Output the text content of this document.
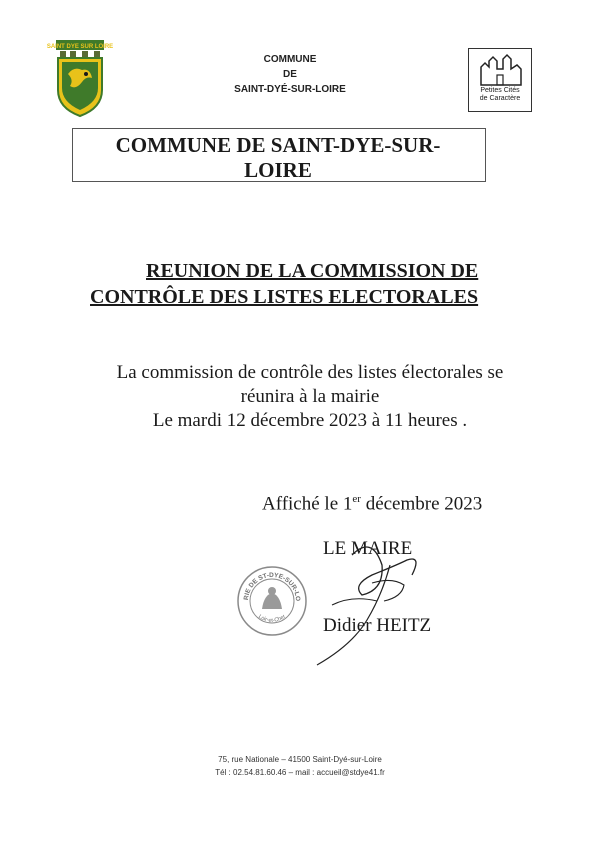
SAINT DYE SUR LOIRE
COMMUNE
DE
SAINT-DYÉ-SUR-LOIRE	Petites Cités
de Caractère
COMMUNE DE SAINT-DYE-SUR-
LOIRE
REUNION DE LA COMMISSION DE
CONTRÔLE DES LISTES ELECTORALES
La commission de contrôle des listes électorales se
réunira à la mairie
Le mardi 12 décembre 2023 à 11 heures .
Affiché le 1er décembre 2023
LE MAIRE
Didier HEITZ
RIE DE ST-DYE-SUR-LO
Loir-et-Cher
75, rue Nationale – 41500 Saint-Dyé-sur-Loire
Tél : 02.54.81.60.46 – mail : accueil@stdye41.fr
